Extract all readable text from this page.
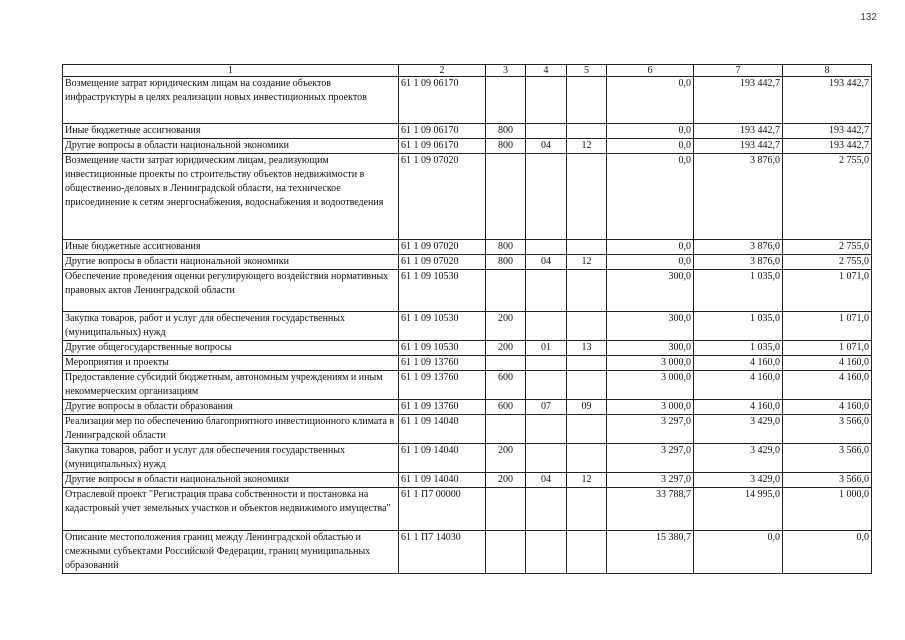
132
1	2	3	4	5	6	7	8
Возмещение затрат юридическим лицам на создание объектов инфраструктуры в целях реализации новых инвестиционных проектов	61 1 09 06170				0,0	193 442,7	193 442,7
Иные бюджетные ассигнования	61 1 09 06170	800			0,0	193 442,7	193 442,7
Другие вопросы в области национальной экономики	61 1 09 06170	800	04	12	0,0	193 442,7	193 442,7
Возмещение части затрат юридическим лицам, реализующим инвестиционные проекты по строительству объектов недвижимости в общественно-деловых в Ленинградской области, на техническое присоединение к сетям энергоснабжения, водоснабжения и водоотведения	61 1 09 07020				0,0	3 876,0	2 755,0
Иные бюджетные ассигнования	61 1 09 07020	800			0,0	3 876,0	2 755,0
Другие вопросы в области национальной экономики	61 1 09 07020	800	04	12	0,0	3 876,0	2 755,0
Обеспечение проведения оценки регулирующего воздействия нормативных правовых актов Ленинградской области	61 1 09 10530				300,0	1 035,0	1 071,0
Закупка товаров, работ и услуг для обеспечения государственных (муниципальных) нужд	61 1 09 10530	200			300,0	1 035,0	1 071,0
Другие общегосударственные вопросы	61 1 09 10530	200	01	13	300,0	1 035,0	1 071,0
Мероприятия и проекты	61 1 09 13760				3 000,0	4 160,0	4 160,0
Предоставление субсидий бюджетным, автономным учреждениям и иным некоммерческим организациям	61 1 09 13760	600			3 000,0	4 160,0	4 160,0
Другие вопросы в области образования	61 1 09 13760	600	07	09	3 000,0	4 160,0	4 160,0
Реализация мер по обеспечению благоприятного инвестиционного климата в Ленинградской области	61 1 09 14040				3 297,0	3 429,0	3 566,0
Закупка товаров, работ и услуг для обеспечения государственных (муниципальных) нужд	61 1 09 14040	200			3 297,0	3 429,0	3 566,0
Другие вопросы в области национальной экономики	61 1 09 14040	200	04	12	3 297,0	3 429,0	3 566,0
Отраслевой проект "Регистрация права собственности и постановка на кадастровый учет земельных участков и объектов недвижимого имущества"	61 1 П7 00000				33 788,7	14 995,0	1 000,0
Описание местоположения границ между Ленинградской областью и смежными субъектами Российской Федерации, границ муниципальных образований	61 1 П7 14030				15 380,7	0,0	0,0
